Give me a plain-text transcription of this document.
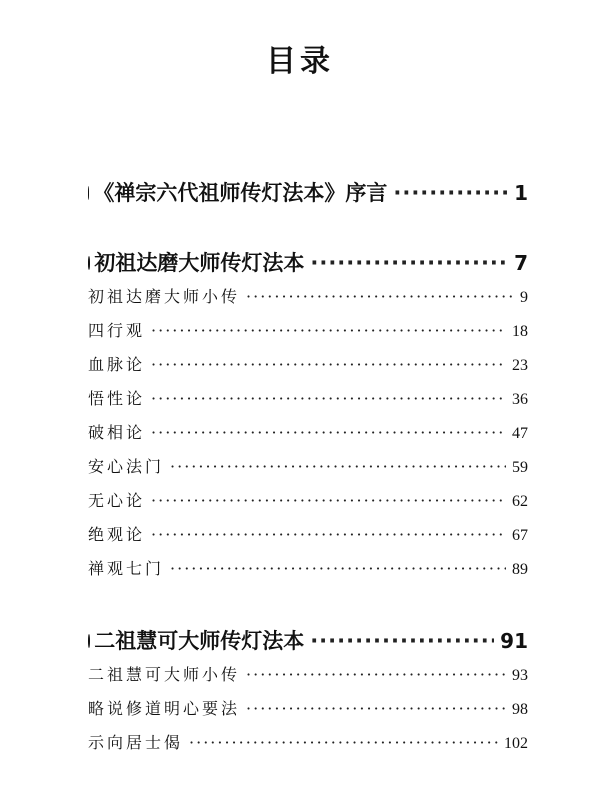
目录
《禅宗六代祖师传灯法本》序言 ·····	1
初祖达磨大师传灯法本 ·····	7
初祖达磨大师小传 ·····	9
四行观 ·····	18
血脉论 ·····	23
悟性论 ·····	36
破相论 ·····	47
安心法门 ·····	59
无心论 ·····	62
绝观论 ·····	67
禅观七门 ·····	89
二祖慧可大师传灯法本 ·····	91
二祖慧可大师小传 ·····	93
略说修道明心要法 ·····	98
示向居士偈 ·····	102
